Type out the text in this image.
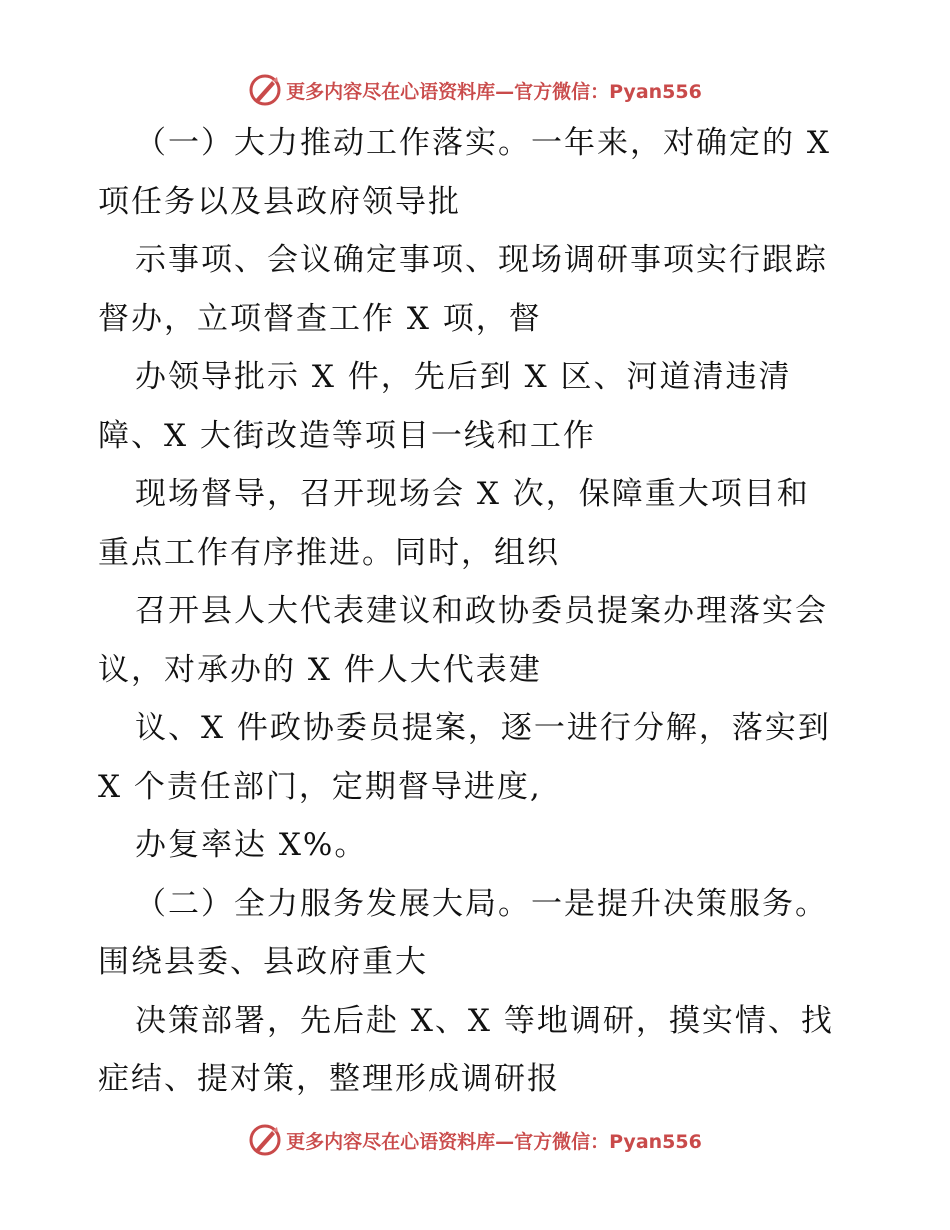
更多内容尽在心语资料库—官方微信：Pyan556
（一）大力推动工作落实。一年来，对确定的 X
项任务以及县政府领导批
示事项、会议确定事项、现场调研事项实行跟踪
督办，立项督查工作 X 项，督
办领导批示 X 件，先后到 X 区、河道清违清
障、X 大街改造等项目一线和工作
现场督导，召开现场会 X 次，保障重大项目和
重点工作有序推进。同时，组织
召开县人大代表建议和政协委员提案办理落实会
议，对承办的 X 件人大代表建
议、X 件政协委员提案，逐一进行分解，落实到
X 个责任部门，定期督导进度,
办复率达 X%。
（二）全力服务发展大局。一是提升决策服务。
围绕县委、县政府重大
决策部署，先后赴 X、X 等地调研，摸实情、找
症结、提对策，整理形成调研报
更多内容尽在心语资料库—官方微信：Pyan556
